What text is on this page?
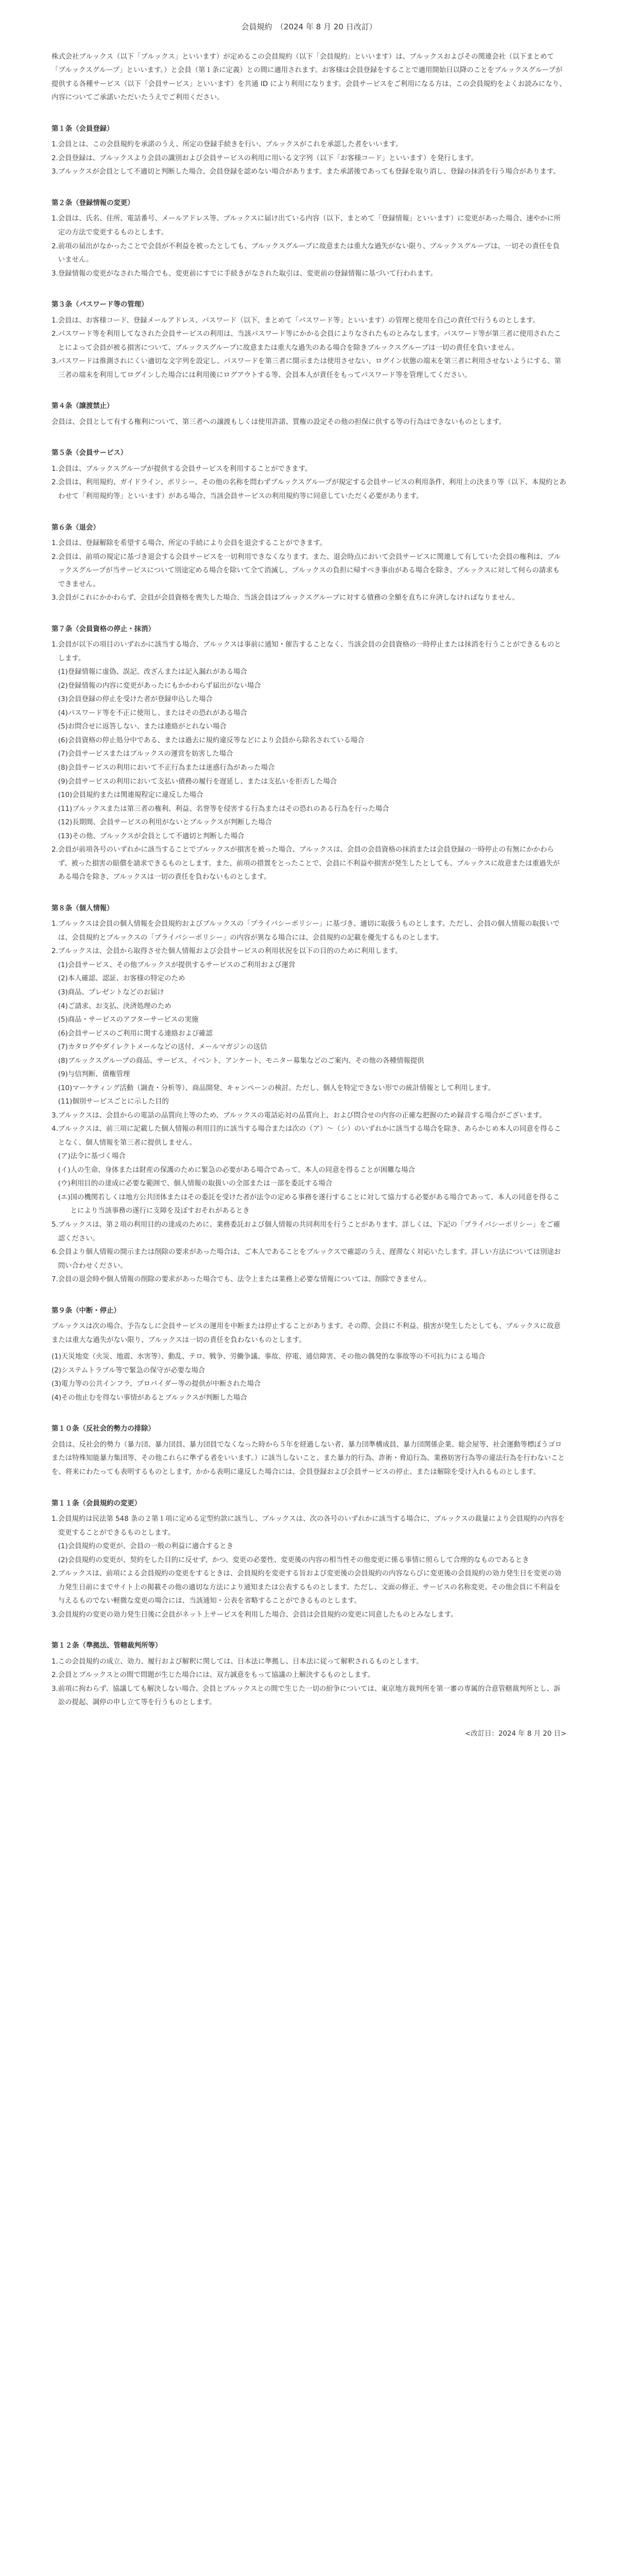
会員規約　（2024 年 8 月 20 日改訂）

株式会社ブルックス（以下「ブルックス」といいます）が定めるこの会員規約（以下「会員規約」といいます）は、ブルックスおよびその関連会社（以下まとめて「ブルックスグループ」といいます。）と会員（第１条に定義）との間に適用されます。お客様は会員登録をすることで適用開始日以降のことをブルックスグループが提供する各種サービス（以下「会員サービス」といいます）を共通 ID により利用になります。会員サービスをご利用になる方は、この会員規約をよくお読みになり、内容についてご承諾いただいたうえでご利用ください。

第１条（会員登録）
1. 会員とは、この会員規約を承諾のうえ、所定の登録手続きを行い、ブルックスがこれを承認した者をいいます。
2. 会員登録は、ブルックスより会員の識別および会員サービスの利用に用いる文字列（以下「お客様コード」といいます）を発行します。
3. ブルックスが会員として不適切と判断した場合、会員登録を認めない場合があります。また承諾後であっても登録を取り消し、登録の抹消を行う場合があります。
第２条（登録情報の変更）
1. 会員は、氏名、住所、電話番号、メールアドレス等、ブルックスに届け出ている内容（以下、まとめて「登録情報」といいます）に変更があった場合、速やかに所定の方法で変更するものとします。
2. 前項の届出がなかったことで会員が不利益を被ったとしても、ブルックスグループに故意または重大な過失がない限り、ブルックスグループは、一切その責任を負いません。
3. 登録情報の変更がなされた場合でも、変更前にすでに手続きがなされた取引は、変更前の登録情報に基づいて行われます。
第３条（パスワード等の管理）
1. 会員は、お客様コード、登録メールアドレス、パスワード（以下、まとめて「パスワード等」といいます）の管理と使用を自己の責任で行うものとします。
2. パスワード等を利用してなされた会員サービスの利用は、当該パスワード等にかかる会員によりなされたものとみなします。パスワード等が第三者に使用されたことによって会員が被る損害について、ブルックスグループに故意または重大な過失のある場合を除きブルックスグループは一切の責任を負いません。
3. パスワードは推測されにくい適切な文字列を設定し、パスワードを第三者に開示または使用させない、ログイン状態の端末を第三者に利用させないようにする、第三者の端末を利用してログインした場合には利用後にログアウトする等、会員本人が責任をもってパスワード等を管理してください。
第４条（譲渡禁止）

会員は、会員として有する権利について、第三者への譲渡もしくは使用許諾、質権の設定その他の担保に供する等の行為はできないものとします。

第５条（会員サービス）
1. 会員は、ブルックスグループが提供する会員サービスを利用することができます。
2. 会員は、利用規約、ガイドライン、ポリシー、その他の名称を問わずブルックスグループが規定する会員サービスの利用条件、利用上の決まり等（以下、本規約とあわせて「利用規約等」といいます）がある場合、当該会員サービスの利用規約等に同意していただく必要があります。
第６条（退会）
1. 会員は、登録解除を希望する場合、所定の手続により会員を退会することができます。
2. 会員は、前項の規定に基づき退会する会員サービスを一切利用できなくなります。また、退会時点において会員サービスに関連して有していた会員の権利は、ブルックスグループが当サービスについて別途定める場合を除いて全て消滅し、ブルックスの負担に帰すべき事由がある場合を除き、ブルックスに対して何らの請求もできません。
3. 会員がこれにかかわらず、会員が会員資格を喪失した場合、当該会員はブルックスグループに対する債務の全額を直ちに弁済しなければなりません。
第７条（会員資格の停止・抹消）
1. 会員が以下の項目のいずれかに該当する場合、ブルックスは事前に通知・催告することなく、当該会員の会員資格の一時停止または抹消を行うことができるものとします。
(1) 登録情報に虚偽、誤記、改ざんまたは記入漏れがある場合
(2) 登録情報の内容に変更があったにもかかわらず届出がない場合
(3) 会員登録の停止を受けた者が登録申込した場合
(4) パスワード等を不正に使用し、またはその恐れがある場合
(5) お問合せに返答しない、または連絡がとれない場合
(6) 会員資格の停止処分中である、または過去に規約違反等などにより会員から除名されている場合
(7) 会員サービスまたはブルックスの運営を妨害した場合
(8) 会員サービスの利用において不正行為または迷惑行為があった場合
(9) 会員サービスの利用において支払い債務の履行を遅延し、または支払いを拒否した場合
(10) 会員規約または関連規程定に違反した場合
(11) ブルックスまたは第三者の権利、利益、名誉等を侵害する行為またはその恐れのある行為を行った場合
(12) 長期間、会員サービスの利用がないとブルックスが判断した場合
(13) その他、ブルックスが会員として不適切と判断した場合
2. 会員が前項各号のいずれかに該当することでブルックスが損害を被った場合、ブルックスは、会員の会員資格の抹消または会員登録の一時停止の有無にかかわらず、被った損害の賠償を請求できるものとします。また、前項の措置をとったことで、会員に不利益や損害が発生したとしても、ブルックスに故意または重過失がある場合を除き、ブルックスは一切の責任を負わないものとします。
第８条（個人情報）
1. ブルックスは会員の個人情報を会員規約およびブルックスの「プライバシーポリシー」に基づき、適切に取扱うものとします。ただし、会員の個人情報の取扱いでは、会員規約とブルックスの「プライバシーポリシー」の内容が異なる場合には、会員規約の記載を優先するものとします。
2. ブルックスは、会員から取得させた個人情報および会員サービスの利用状況を以下の目的のために利用します。
(1) 会員サービス、その他ブルックスが提供するサービスのご利用および運営
(2) 本人確認、認証、お客様の特定のため
(3) 商品、プレゼントなどのお届け
(4) ご請求、お支払、決済処理のため
(5) 商品・サービスのアフターサービスの実施
(6) 会員サービスのご利用に関する連絡および確認
(7) カタログやダイレクトメールなどの送付、メールマガジンの送信
(8) ブルックスグループの商品、サービス、イベント、アンケート、モニター募集などのご案内、その他の各種情報提供
(9) 与信判断、債権管理
(10) マーケティング活動（調査・分析等）、商品開発、キャンペーンの検討。ただし、個人を特定できない形での統計情報として利用します。
(11) 個別サービスごとに示した目的
3. ブルックスは、会員からの電話の品質向上等のため、ブルックスの電話応対の品質向上、および問合せの内容の正確な把握のため録音する場合がございます。
4. ブルックスは、前三項に記載した個人情報の利用目的に該当する場合または次の（ア）～（シ）のいずれかに該当する場合を除き、あらかじめ本人の同意を得ることなく、個人情報を第三者に提供しません。
(ア) 法令に基づく場合
(イ) 人の生命、身体または財産の保護のために緊急の必要がある場合であって、本人の同意を得ることが困難な場合
(ウ) 利用目的の達成に必要な範囲で、個人情報の取扱いの全部または一部を委託する場合
(エ) 国の機関若しくは地方公共団体またはその委託を受けた者が法令の定める事務を遂行することに対して協力する必要がある場合であって、本人の同意を得ることにより当該事務の遂行に支障を及ぼすおそれがあるとき
5. ブルックスは、第２項の利用目的の達成のために、業務委託および個人情報の共同利用を行うことがあります。詳しくは、下記の「プライバシーポリシー」をご確認ください。
6. 会員より個人情報の開示または削除の要求があった場合は、ご本人であることをブルックスで確認のうえ、遅滞なく対応いたします。詳しい方法については別途お問い合わせください。
7. 会員の退会時や個人情報の削除の要求があった場合でも、法令上または業務上必要な情報については、削除できません。
第９条（中断・停止）

ブルックスは次の場合、予告なしに会員サービスの運用を中断または停止することがあります。その際、会員に不利益、損害が発生したとしても、ブルックスに故意または重大な過失がない限り、ブルックスは一切の責任を負わないものとします。

(1) 天災地変（火災、地震、水害等）、動乱、テロ、戦争、労働争議、事故、停電、通信障害、その他の偶発的な事故等の不可抗力による場合
(2) システムトラブル等で緊急の保守が必要な場合
(3) 電力等の公共インフラ、プロバイダー等の提供が中断された場合
(4) その他止むを得ない事情があるとブルックスが判断した場合
第１０条（反社会的勢力の排除）

会員は、反社会的勢力（暴力団、暴力団員、暴力団員でなくなった時から５年を経過しない者、暴力団準構成員、暴力団関係企業、総会屋等、社会運動等標ぼうゴロまたは特殊知能暴力集団等、その他これらに準ずる者をいいます。）に該当しないこと、また暴力的行為、詐術・脅迫行為、業務妨害行為等の違法行為を行わないことを、将来にわたっても表明するものとします。かかる表明に違反した場合には、会員登録および会員サービスの停止、または解除を受け入れるものとします。

第１１条（会員規約の変更）
1. 会員規約は民法第 548 条の２第１項に定める定型約款に該当し、ブルックスは、次の各号のいずれかに該当する場合に、ブルックスの裁量により会員規約の内容を変更することができるものとします。
(1) 会員規約の変更が、会員の一般の利益に適合するとき
(2) 会員規約の変更が、契約をした目的に反せず、かつ、変更の必要性、変更後の内容の相当性その他変更に係る事情に照らして合理的なものであるとき
2. ブルックスは、前項による会員規約の変更をするときは、会員規約を変更する旨および変更後の会員規約の内容ならびに変更後の会員規約の効力発生日を変更の効力発生日前にまでサイト上の掲載その他の適切な方法により通知または公表するものとします。ただし、文面の修正、サービスの名称変更、その他会員に不利益を与えるものでない軽微な変更の場合には、当該通知・公表を省略することができるものとします。
3. 会員規約の変更の効力発生日後に会員がネット上サービスを利用した場合、会員は会員規約の変更に同意したものとみなします。
第１２条（準拠法、管轄裁判所等）
1. この会員規約の成立、効力、履行および解釈に関しては、日本法に準拠し、日本法に従って解釈されるものとします。
2. 会員とブルックスとの間で問題が生じた場合には、双方誠意をもって協議の上解決するものとします。
3. 前項に拘わらず、協議しても解決しない場合、会員とブルックスとの間で生じた一切の紛争については、東京地方裁判所を第一審の専属的合意管轄裁判所とし、訴訟の提起、調停の申し立て等を行うものとします。

<改訂日：2024 年 8 月 20 日>
